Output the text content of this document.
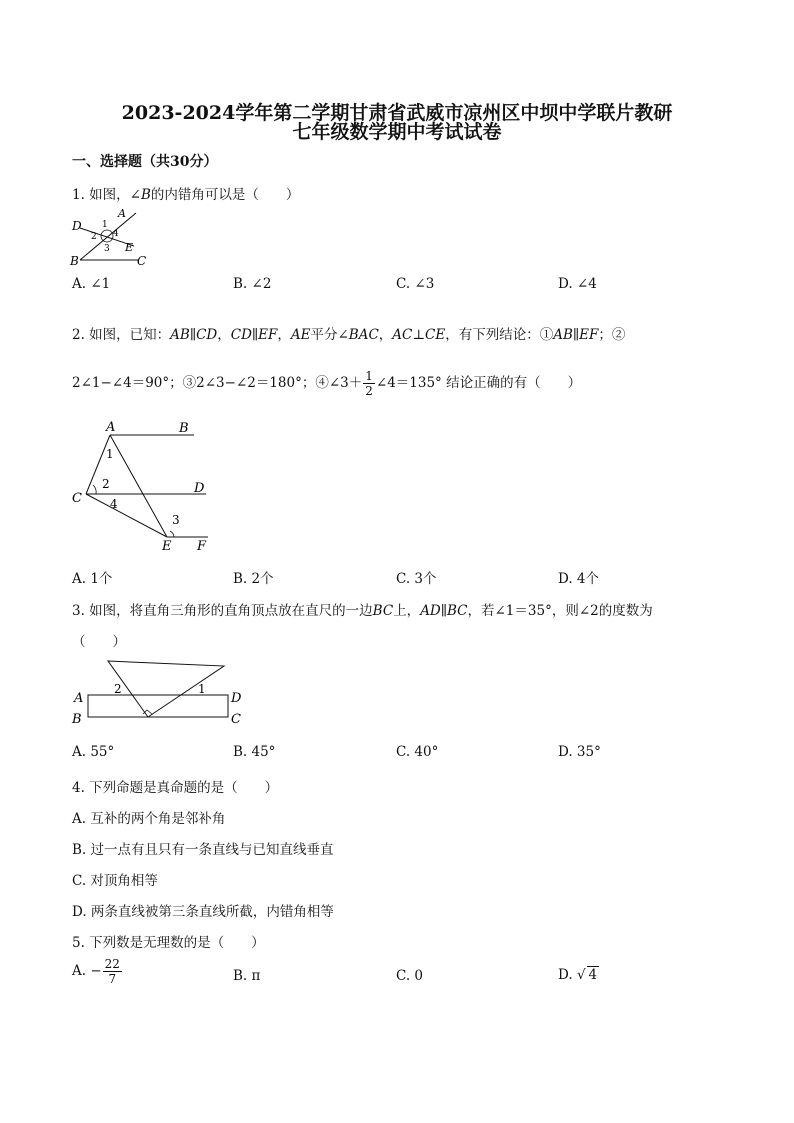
2023-2024学年第二学期甘肃省武威市凉州区中坝中学联片教研
七年级数学期中考试试卷
一、选择题（共30分）
1. 如图，∠B的内错角可以是（　　）
D
A
B	C
E
1
2
3
4
A. ∠1	B. ∠2	C. ∠3	D. ∠4
2. 如图，已知：AB∥CD，CD∥EF，AE平分∠BAC，AC⊥CE，有下列结论：①AB∥EF；②
2∠1−∠4＝90°；③2∠3−∠2＝180°；④∠3＋ $\frac{1}{2}$ ∠4＝135° 结论正确的有（　　）
A	B
C
D
E F
1
2
3
4
A. 1个	B. 2个	C. 3个	D. 4个
3. 如图，将直角三角形的直角顶点放在直尺的一边BC上，AD∥BC，若∠1＝35°，则∠2的度数为
（　　）
A
B	C
D
1
2
A. 55°	B. 45°	C. 40°	D. 35°
4. 下列命题是真命题的是（　　）
A. 互补的两个角是邻补角
B. 过一点有且只有一条直线与已知直线垂直
C. 对顶角相等
D. 两条直线被第三条直线所截，内错角相等
5. 下列数是无理数的是（　　）
A. − $\frac{22}{7}$	B. π	C. 0	D. √ 4
